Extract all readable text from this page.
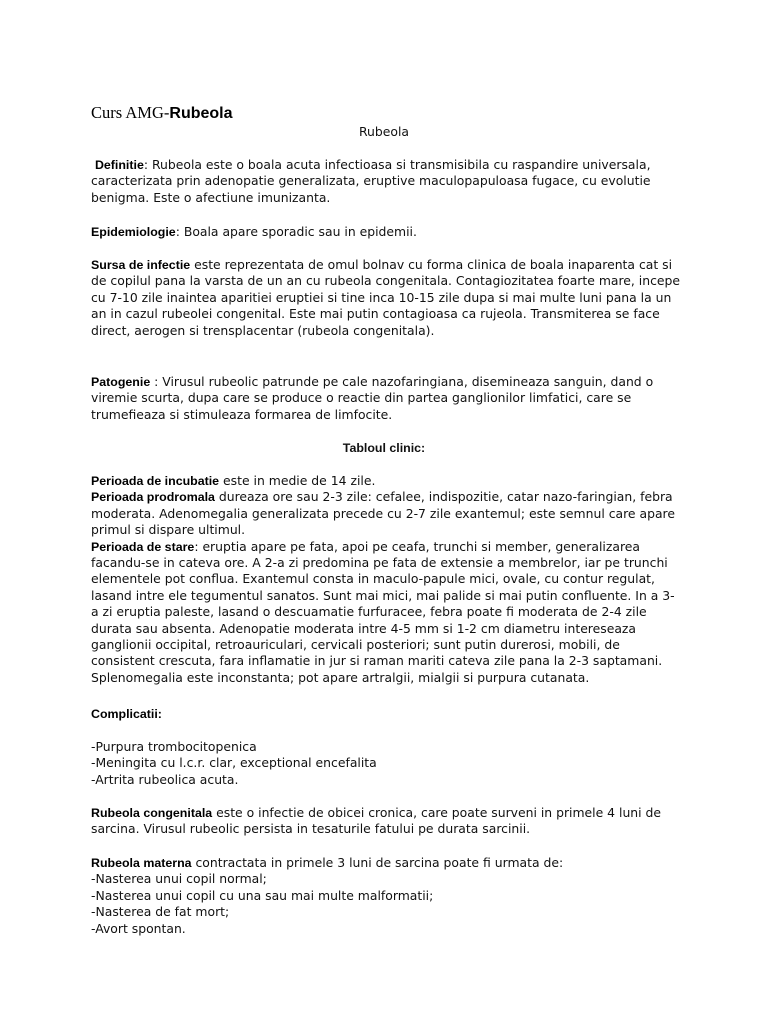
Curs AMG-Rubeola
Rubeola

Definitie: Rubeola este o boala acuta infectioasa si transmisibila cu raspandire universala, caracterizata prin adenopatie generalizata, eruptive maculopapuloasa fugace, cu evolutie benigma. Este o afectiune imunizanta.

Epidemiologie: Boala apare sporadic sau in epidemii.

Sursa de infectie este reprezentata de omul bolnav cu forma clinica de boala inaparenta cat si de copilul pana la varsta de un an cu rubeola congenitala. Contagiozitatea foarte mare, incepe cu 7-10 zile inaintea aparitiei eruptiei si tine inca 10-15 zile dupa si mai multe luni pana la un an in cazul rubeolei congenital. Este mai putin contagioasa ca rujeola. Transmiterea se face direct, aerogen si trensplacentar (rubeola congenitala).

Patogenie : Virusul rubeolic patrunde pe cale nazofaringiana, disemineaza sanguin, dand o viremie scurta, dupa care se produce o reactie din partea ganglionilor limfatici, care se trumefieaza si stimuleaza formarea de limfocite.

Tabloul clinic:

Perioada de incubatie este in medie de 14 zile.

Perioada prodromala dureaza ore sau 2-3 zile: cefalee, indispozitie, catar nazo-faringian, febra moderata. Adenomegalia generalizata precede cu 2-7 zile exantemul; este semnul care apare primul si dispare ultimul.

Perioada de stare: eruptia apare pe fata, apoi pe ceafa, trunchi si member, generalizarea facandu-se in cateva ore. A 2-a zi predomina pe fata de extensie a membrelor, iar pe trunchi elementele pot conflua. Exantemul consta in maculo-papule mici, ovale, cu contur regulat, lasand intre ele tegumentul sanatos. Sunt mai mici, mai palide si mai putin confluente. In a 3-a zi eruptia paleste, lasand o descuamatie furfuracee, febra poate fi moderata de 2-4 zile durata sau absenta. Adenopatie moderata intre 4-5 mm si 1-2 cm diametru intereseaza ganglionii occipital, retroauriculari, cervicali posteriori; sunt putin durerosi, mobili, de consistent crescuta, fara inflamatie in jur si raman mariti cateva zile pana la 2-3 saptamani. Splenomegalia este inconstanta; pot apare artralgii, mialgii si purpura cutanata.

Complicatii:

-Purpura trombocitopenica
-Meningita cu l.c.r. clar, exceptional encefalita
-Artrita rubeolica acuta.

Rubeola congenitala este o infectie de obicei cronica, care poate surveni in primele 4 luni de sarcina. Virusul rubeolic persista in tesaturile fatului pe durata sarcinii.

Rubeola materna contractata in primele 3 luni de sarcina poate fi urmata de:

-Nasterea unui copil normal;
-Nasterea unui copil cu una sau mai multe malformatii;
-Nasterea de fat mort;
-Avort spontan.
